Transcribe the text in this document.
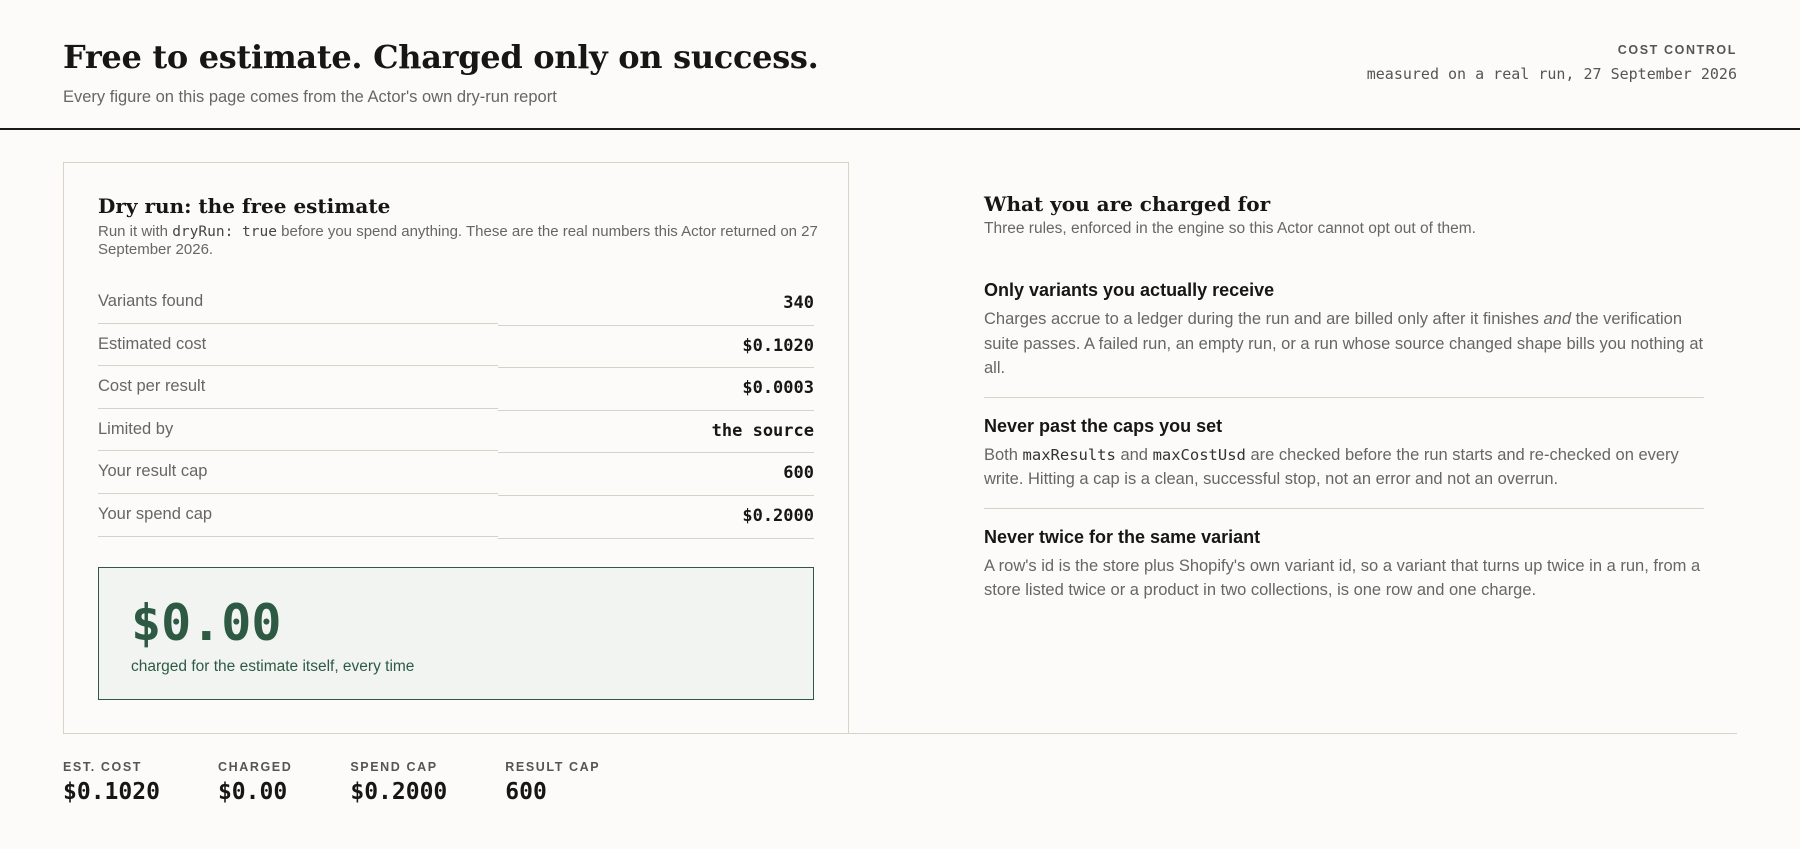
Free to estimate. Charged only on success.
Every figure on this page comes from the Actor's own dry-run report
COST CONTROL
measured on a real run, 27 September 2026
Dry run: the free estimate

Run it with dryRun: true before you spend anything. These are the real numbers this Actor returned on 27 September 2026.

Variants found	340
Estimated cost	$0.1020
Cost per result	$0.0003
Limited by	the source
Your result cap	600
Your spend cap	$0.2000
$0.00
charged for the estimate itself, every time
What you are charged for

Three rules, enforced in the engine so this Actor cannot opt out of them.

Only variants you actually receive

Charges accrue to a ledger during the run and are billed only after it finishes and the verification suite passes. A failed run, an empty run, or a run whose source changed shape bills you nothing at all.

Never past the caps you set

Both maxResults and maxCostUsd are checked before the run starts and re-checked on every write. Hitting a cap is a clean, successful stop, not an error and not an overrun.

Never twice for the same variant

A row's id is the store plus Shopify's own variant id, so a variant that turns up twice in a run, from a store listed twice or a product in two collections, is one row and one charge.

EST. COST
$0.1020
CHARGED
$0.00
SPEND CAP
$0.2000
RESULT CAP
600
